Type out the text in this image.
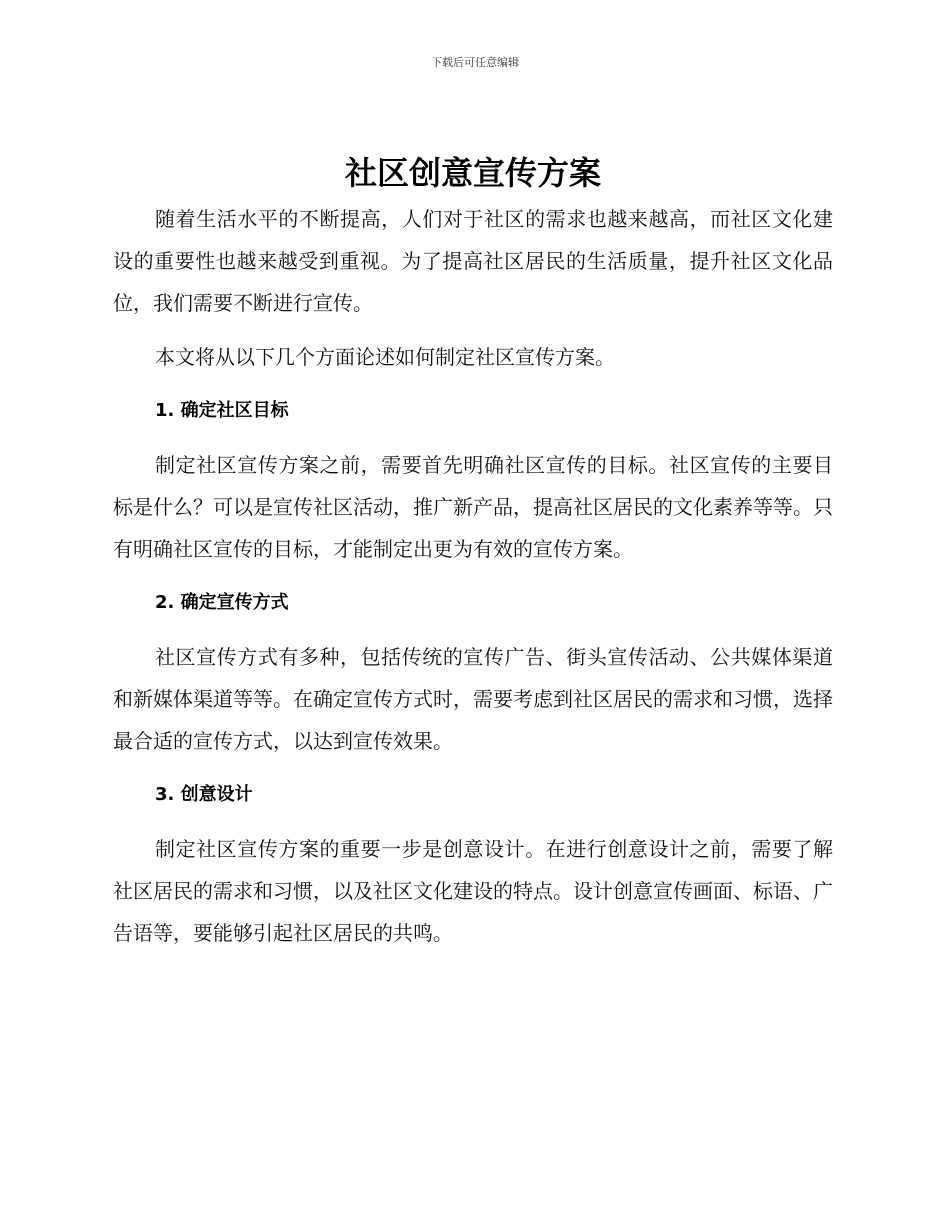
下载后可任意编辑
社区创意宣传方案

随着生活水平的不断提高，人们对于社区的需求也越来越高，而社区文化建设的重要性也越来越受到重视。为了提高社区居民的生活质量，提升社区文化品位，我们需要不断进行宣传。

本文将从以下几个方面论述如何制定社区宣传方案。

1. 确定社区目标

制定社区宣传方案之前，需要首先明确社区宣传的目标。社区宣传的主要目标是什么？可以是宣传社区活动，推广新产品，提高社区居民的文化素养等等。只有明确社区宣传的目标，才能制定出更为有效的宣传方案。

2. 确定宣传方式

社区宣传方式有多种，包括传统的宣传广告、街头宣传活动、公共媒体渠道和新媒体渠道等等。在确定宣传方式时，需要考虑到社区居民的需求和习惯，选择最合适的宣传方式，以达到宣传效果。

3. 创意设计

制定社区宣传方案的重要一步是创意设计。在进行创意设计之前，需要了解社区居民的需求和习惯，以及社区文化建设的特点。设计创意宣传画面、标语、广告语等，要能够引起社区居民的共鸣。
